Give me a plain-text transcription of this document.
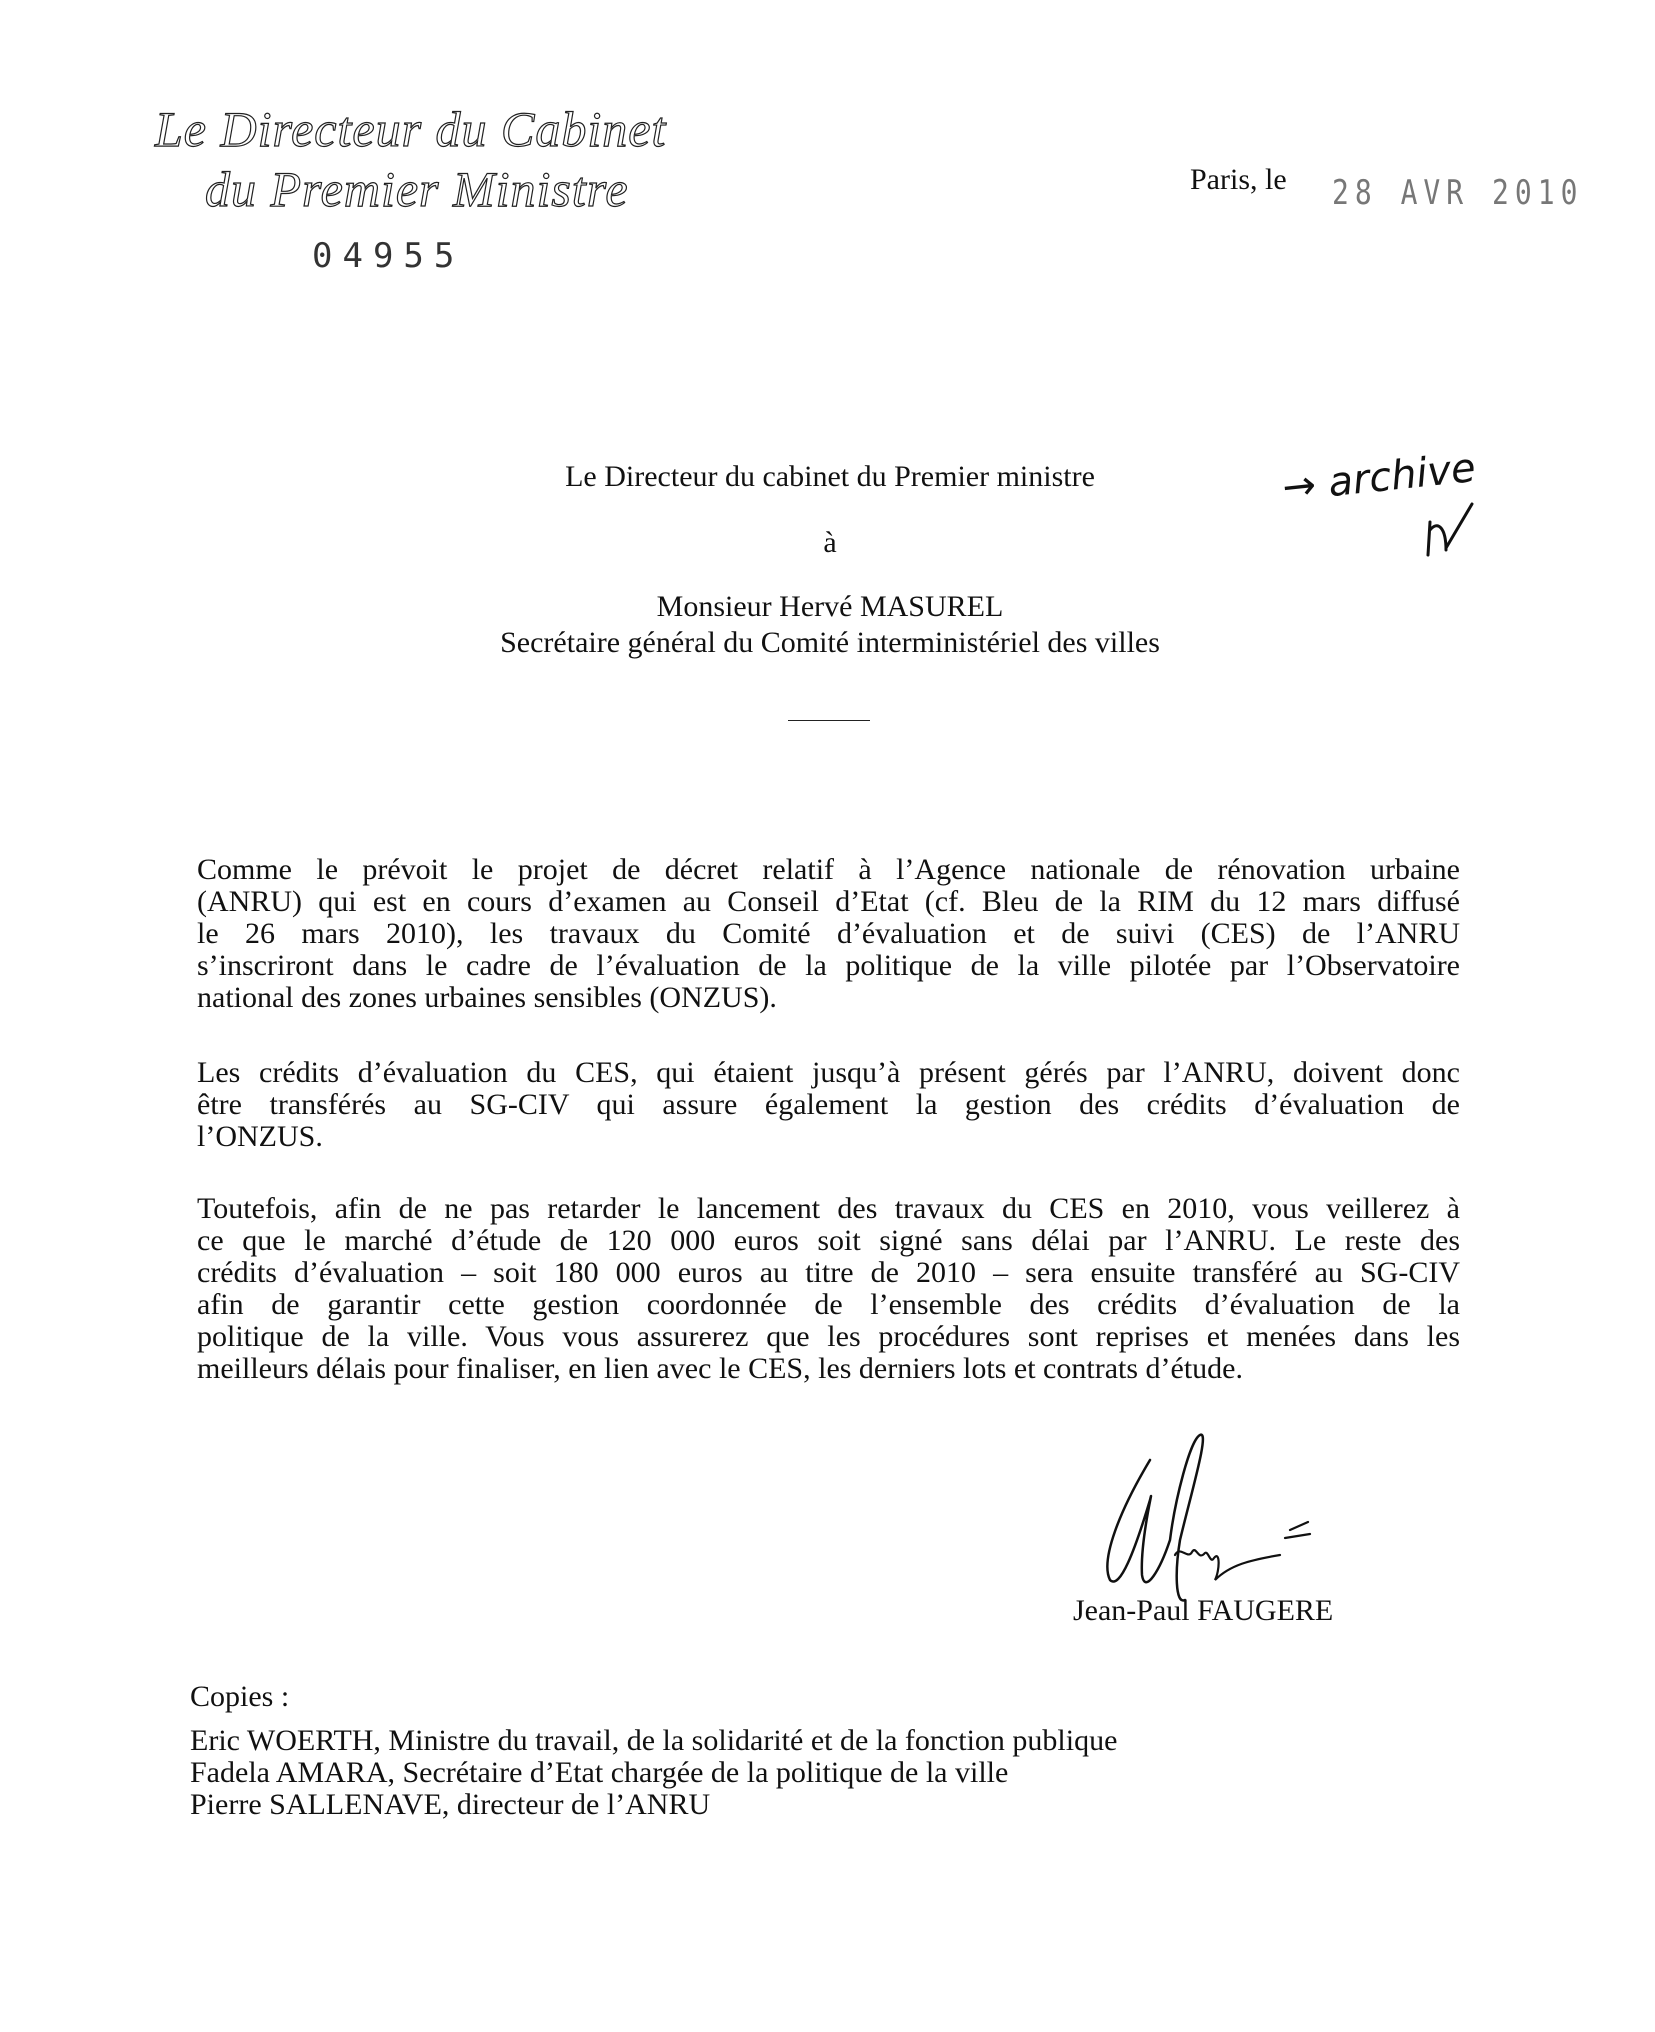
Le Directeur du Cabinet
du Premier Ministre
04955
Paris, le 28 AVR 2010
→ archive
Le Directeur du cabinet du Premier ministre
à
Monsieur Hervé MASUREL
Secrétaire général du Comité interministériel des villes
Comme le prévoit le projet de décret relatif à l’Agence nationale de rénovation urbaine
(ANRU) qui est en cours d’examen au Conseil d’Etat (cf. Bleu de la RIM du 12 mars diffusé
le 26 mars 2010), les travaux du Comité d’évaluation et de suivi (CES) de l’ANRU
s’inscriront dans le cadre de l’évaluation de la politique de la ville pilotée par l’Observatoire
national des zones urbaines sensibles (ONZUS).
Les crédits d’évaluation du CES, qui étaient jusqu’à présent gérés par l’ANRU, doivent donc
être transférés au SG-CIV qui assure également la gestion des crédits d’évaluation de
l’ONZUS.
Toutefois, afin de ne pas retarder le lancement des travaux du CES en 2010, vous veillerez à
ce que le marché d’étude de 120 000 euros soit signé sans délai par l’ANRU. Le reste des
crédits d’évaluation – soit 180 000 euros au titre de 2010 – sera ensuite transféré au SG-CIV
afin de garantir cette gestion coordonnée de l’ensemble des crédits d’évaluation de la
politique de la ville. Vous vous assurerez que les procédures sont reprises et menées dans les
meilleurs délais pour finaliser, en lien avec le CES, les derniers lots et contrats d’étude.
Jean-Paul FAUGERE
Copies :
Eric WOERTH, Ministre du travail, de la solidarité et de la fonction publique
Fadela AMARA, Secrétaire d’Etat chargée de la politique de la ville
Pierre SALLENAVE, directeur de l’ANRU
